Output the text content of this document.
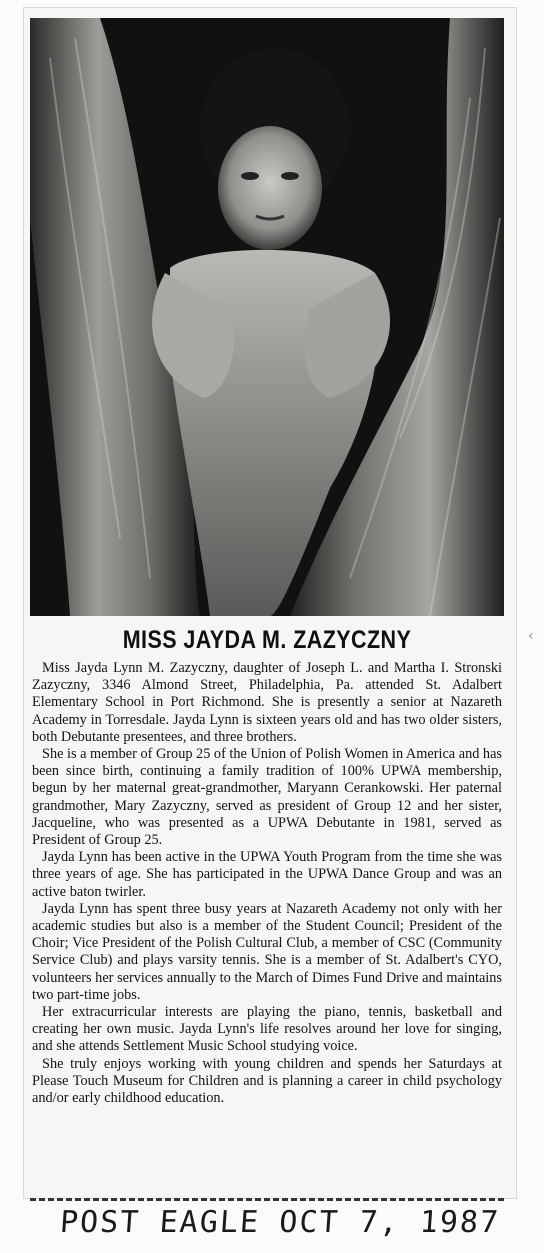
MISS JAYDA M. ZAZYCZNY	‹

Miss Jayda Lynn M. Zazyczny, daughter of Joseph L. and Martha I. Stronski Zazyczny, 3346 Almond Street, Philadelphia, Pa. attended St. Adalbert Elementary School in Port Richmond. She is presently a senior at Nazareth Academy in Torresdale. Jayda Lynn is sixteen years old and has two older sisters, both Debutante presentees, and three brothers.

She is a member of Group 25 of the Union of Polish Women in America and has been since birth, continuing a family tradition of 100% UPWA membership, begun by her maternal great-grandmother, Maryann Cerankowski. Her paternal grandmother, Mary Zazyczny, served as president of Group 12 and her sister, Jacqueline, who was presented as a UPWA Debutante in 1981, served as President of Group 25.

Jayda Lynn has been active in the UPWA Youth Program from the time she was three years of age. She has participated in the UPWA Dance Group and was an active baton twirler.

Jayda Lynn has spent three busy years at Nazareth Academy not only with her academic studies but also is a member of the Student Council; President of the Choir; Vice President of the Polish Cultural Club, a member of CSC (Community Service Club) and plays varsity tennis. She is a member of St. Adalbert's CYO, volunteers her services annually to the March of Dimes Fund Drive and maintains two part-time jobs.

Her extracurricular interests are playing the piano, tennis, basketball and creating her own music. Jayda Lynn's life resolves around her love for singing, and she attends Settlement Music School studying voice.

She truly enjoys working with young children and spends her Saturdays at Please Touch Museum for Children and is planning a career in child psychology and/or early childhood education.

POST EAGLE OCT 7, 1987
